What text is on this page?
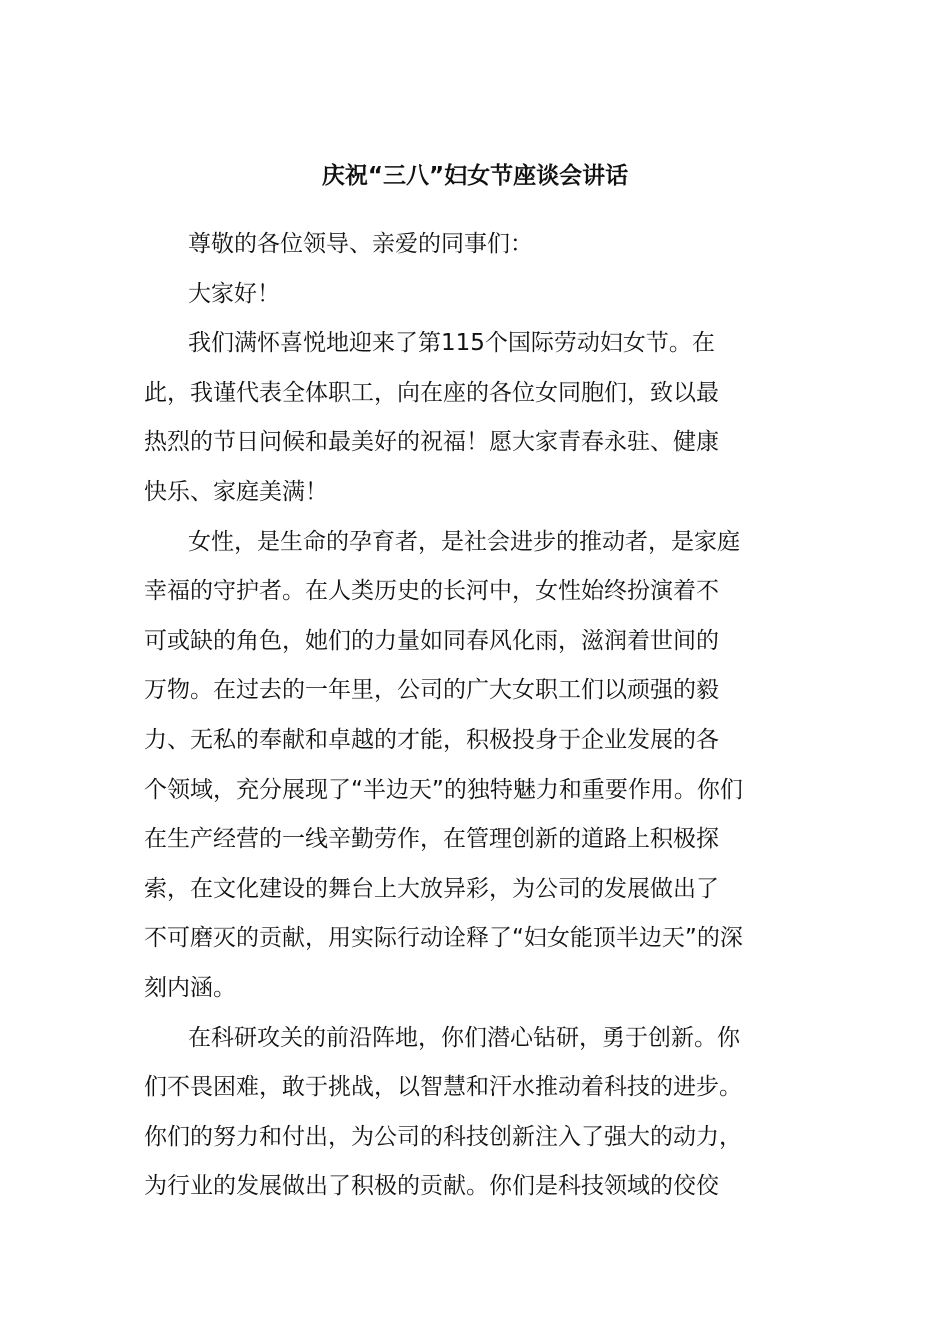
庆祝“三八”妇女节座谈会讲话
尊敬的各位领导、亲爱的同事们：
大家好！
我们满怀喜悦地迎来了第115个国际劳动妇女节。在
此，我谨代表全体职工，向在座的各位女同胞们，致以最
热烈的节日问候和最美好的祝福！愿大家青春永驻、健康
快乐、家庭美满！
女性，是生命的孕育者，是社会进步的推动者，是家庭
幸福的守护者。在人类历史的长河中，女性始终扮演着不
可或缺的角色，她们的力量如同春风化雨，滋润着世间的
万物。在过去的一年里，公司的广大女职工们以顽强的毅
力、无私的奉献和卓越的才能，积极投身于企业发展的各
个领域，充分展现了“半边天”的独特魅力和重要作用。你们
在生产经营的一线辛勤劳作，在管理创新的道路上积极探
索，在文化建设的舞台上大放异彩，为公司的发展做出了
不可磨灭的贡献，用实际行动诠释了“妇女能顶半边天”的深
刻内涵。
在科研攻关的前沿阵地，你们潜心钻研，勇于创新。你
们不畏困难，敢于挑战，以智慧和汗水推动着科技的进步。
你们的努力和付出，为公司的科技创新注入了强大的动力，
为行业的发展做出了积极的贡献。你们是科技领域的佼佼
